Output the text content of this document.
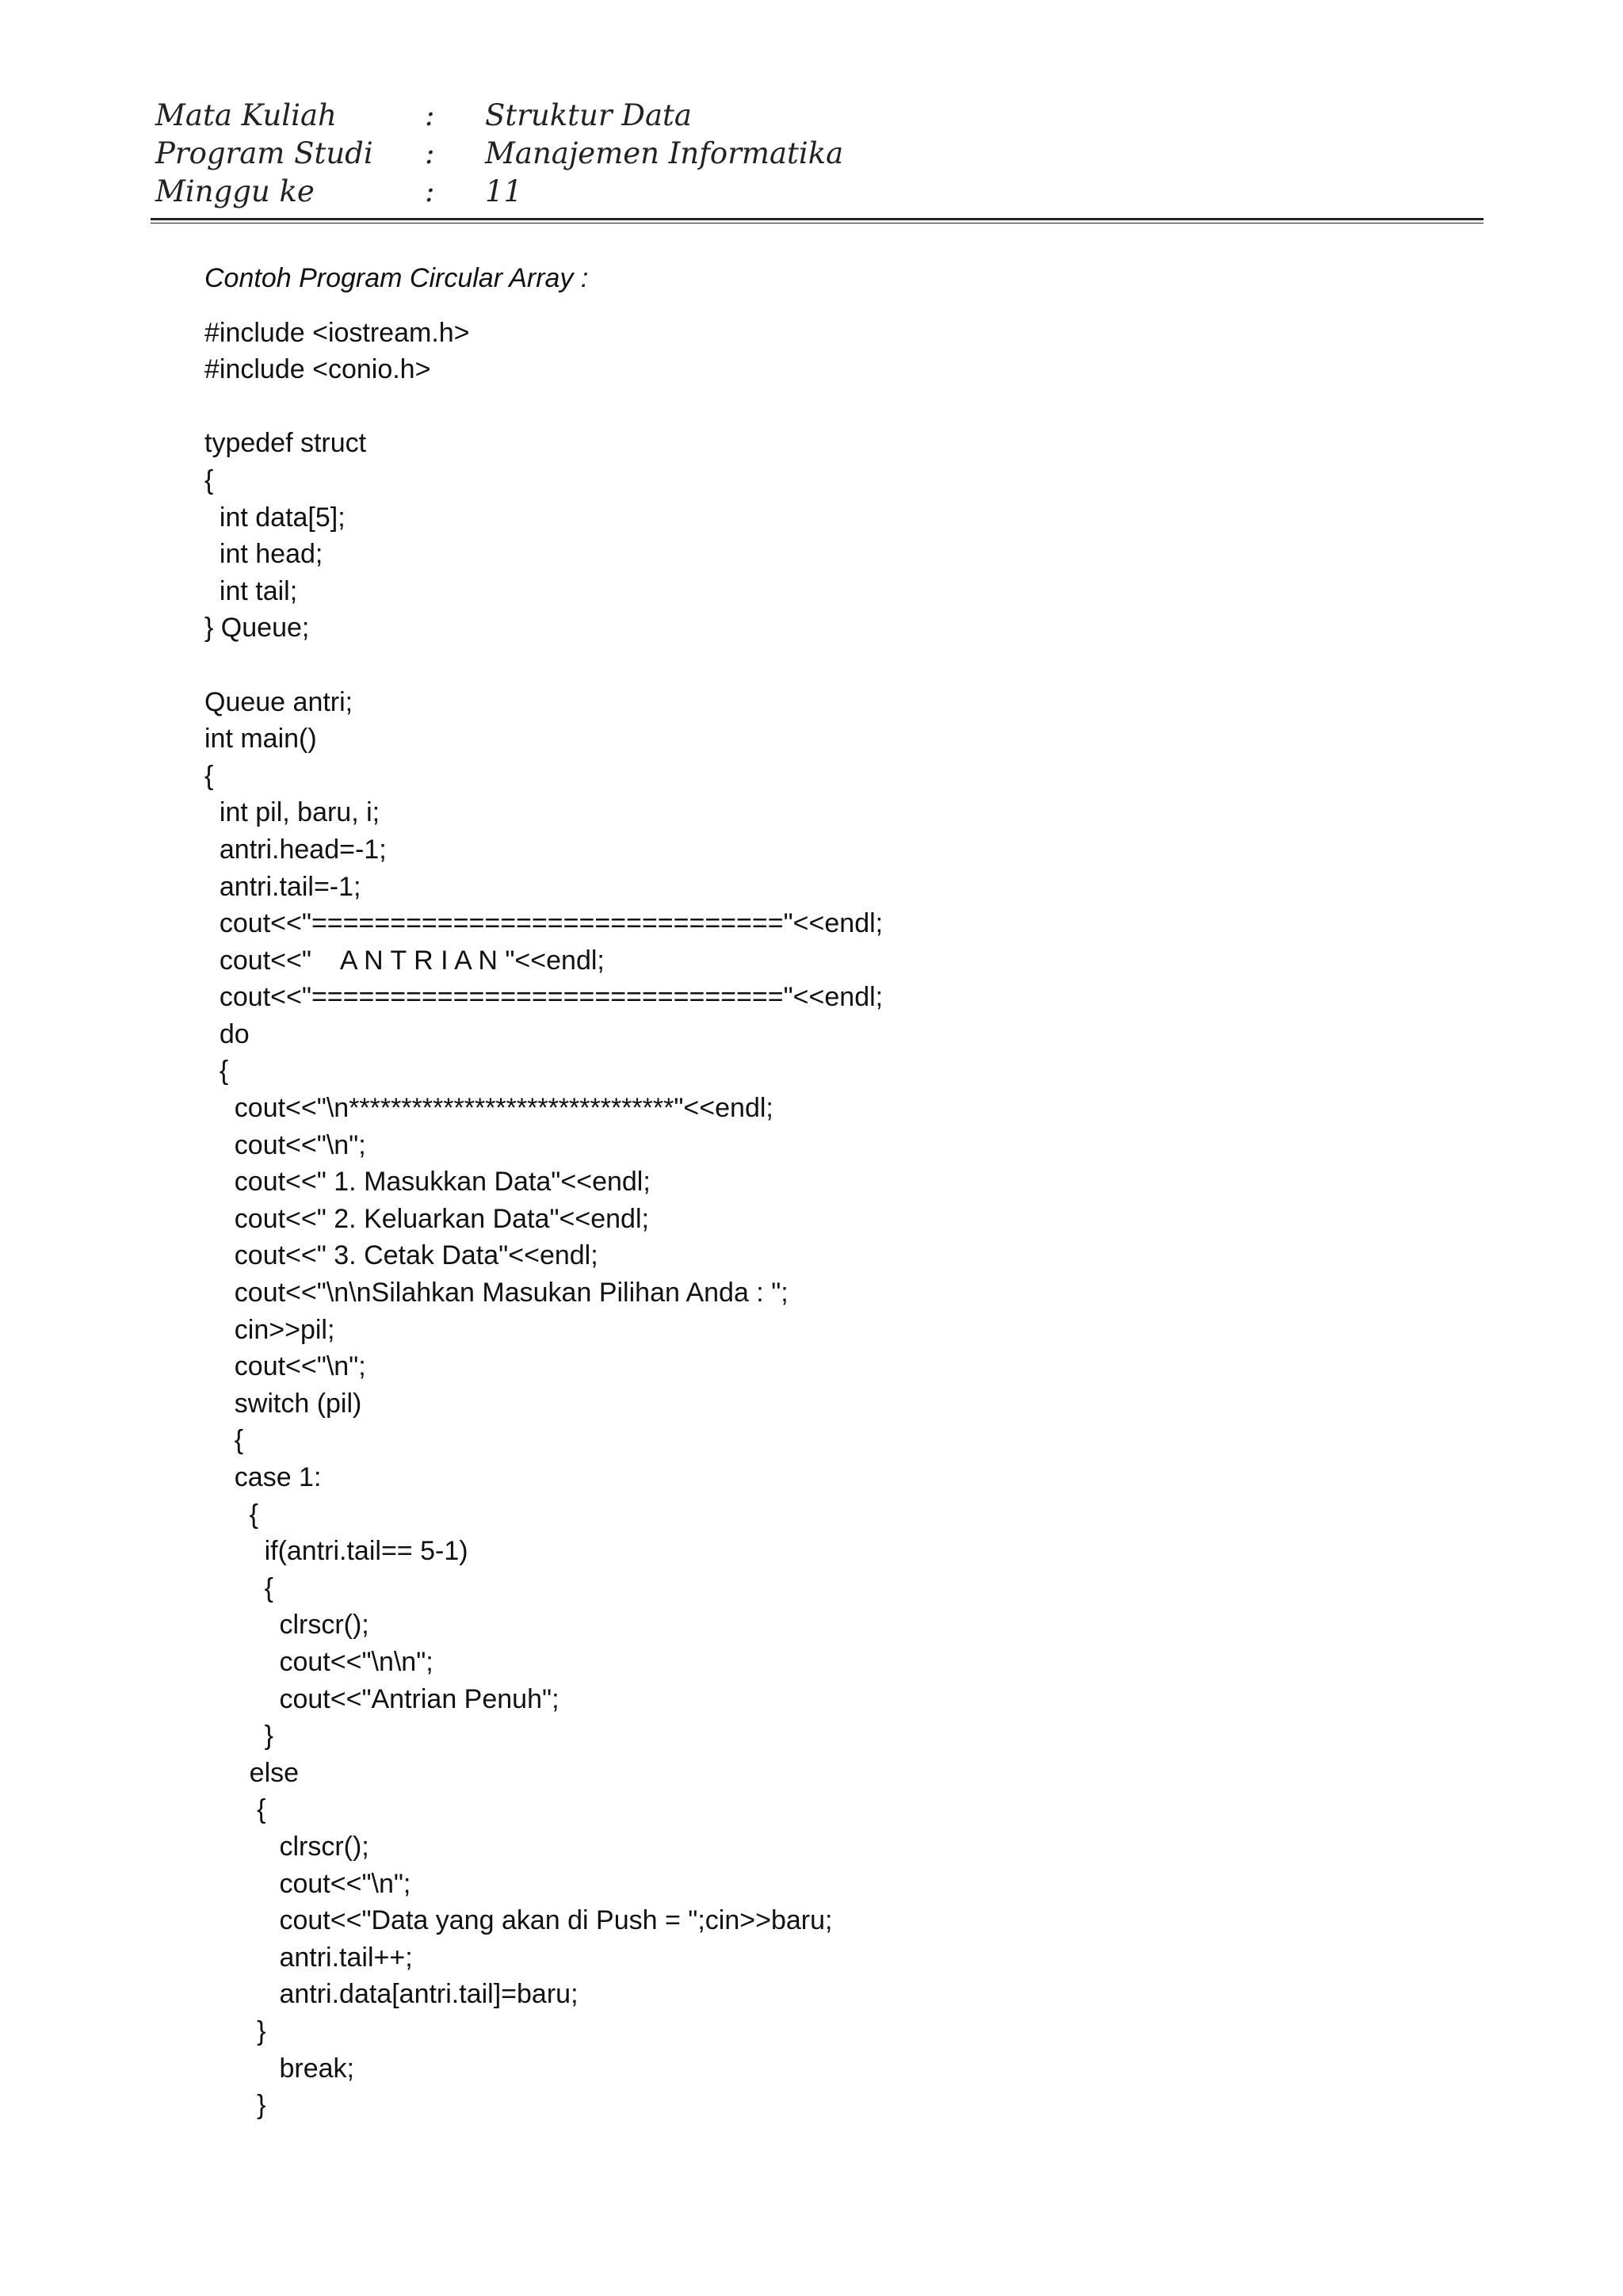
Mata Kuliah	:	Struktur Data
Program Studi	:	Manajemen Informatika
Minggu ke	:	11
Contoh Program Circular Array :
#include <iostream.h>
#include <conio.h>
typedef struct
{
int data[5];
int head;
int tail;
} Queue;
Queue antri;
int main()
{
int pil, baru, i;
antri.head=-1;
antri.tail=-1;
cout<<"=============================="<<endl;
cout<<"    A N T R I A N "<<endl;
cout<<"=============================="<<endl;
do
{
cout<<"\n*******************************"<<endl;
cout<<"\n";
cout<<" 1. Masukkan Data"<<endl;
cout<<" 2. Keluarkan Data"<<endl;
cout<<" 3. Cetak Data"<<endl;
cout<<"\n\nSilahkan Masukan Pilihan Anda : ";
cin>>pil;
cout<<"\n";
switch (pil)
{
case 1:
{
if(antri.tail== 5-1)
{
clrscr();
cout<<"\n\n";
cout<<"Antrian Penuh";
}
else
{
clrscr();
cout<<"\n";
cout<<"Data yang akan di Push = ";cin>>baru;
antri.tail++;
antri.data[antri.tail]=baru;
}
break;
}
